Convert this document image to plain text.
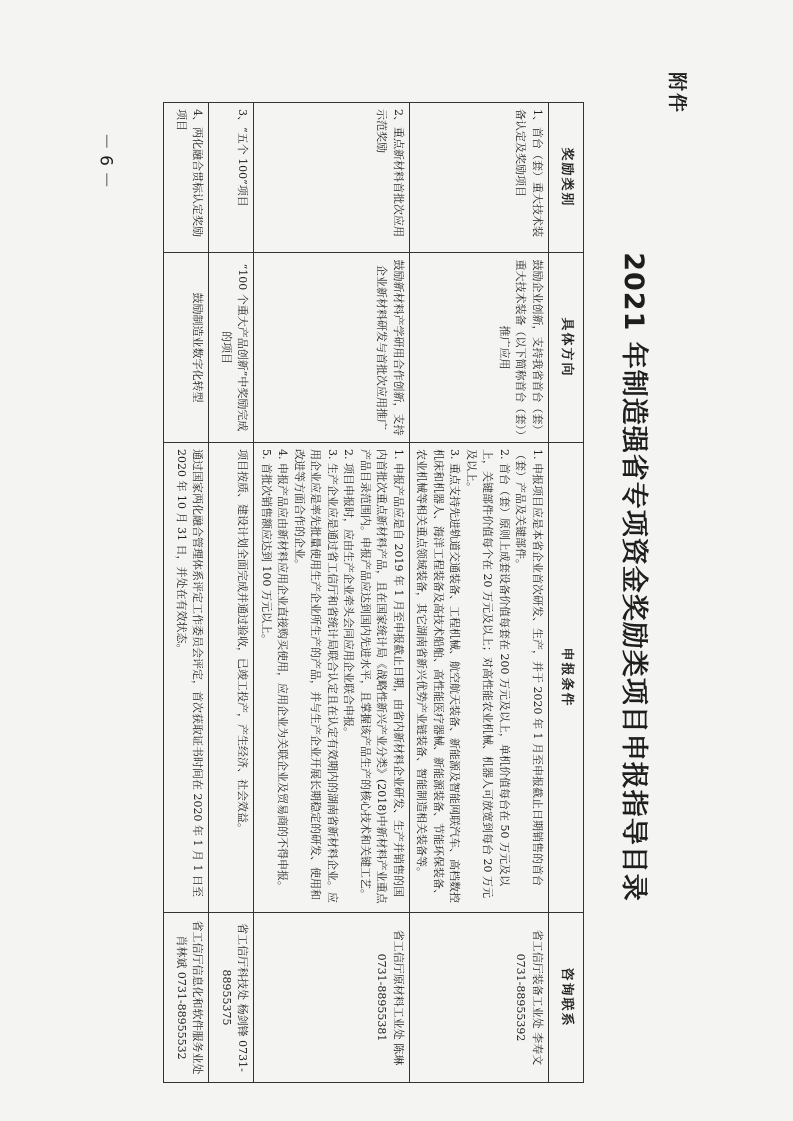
－ 6 －
附件
2021 年制造强省专项资金奖励类项目申报指导目录
奖励类别	具体方向	申报条件	咨询联系
1、首台（套）重大技术装备认定及奖励项目	鼓励企业创新，支持我省首台（套）重大技术装备（以下简称首台（套））推广应用	1. 申报项目应是本省企业首次研发、生产，并于 2020 年 1 月至申报截止日期销售的首台（套）产品及关键部件。

2. 首台（套）原则上成套设备价值每套在 200 万元及以上，单机价值每台在 50 万元及以上，关键部件价值每个在 20 万元及以上；对高性能农业机械、机器人可放宽到每台 20 万元及以上。

3. 重点支持先进轨道交通装备、工程机械、航空航天装备、新能源及智能网联汽车、高档数控机床和机器人、海洋工程装备及高技术船舶、高性能医疗器械、新能源装备、节能环保装备、农业机械等相关重点领域装备，其它湖南省新兴优势产业链装备、智能制造相关装备等。	省工信厅装备工业处 李寿文 0731-88955392
2、重点新材料首批次应用示范奖励	鼓励新材料产学研用合作创新，支持企业新材料研发与首批次应用推广	1. 申报产品应是自 2019 年 1 月至申报截止日期，由省内新材料企业研发、生产并销售的国内首批次重点新材料产品，且在国家统计局《战略性新兴产业分类》(2018)中新材料产业重点产品目录范围内。申报产品应达到国内先进水平，且掌握该产品生产的核心技术和关键工艺。

2. 项目申报时，应由生产企业牵头会同应用企业联合申报。

3. 生产企业应是通过省工信厅和省统计局联合认定且在认定有效期内的湖南省新材料企业。应用企业应是率先批量使用生产企业所生产的产品，并与生产企业开展长期稳定的研发、使用和改进等方面合作的企业。

4. 申报产品应由新材料应用企业直接购买使用，应用企业为关联企业及贸易商的不得申报。

5. 首批次销售额应达到 100 万元以上。	省工信厅原材料工业处 陈琳 0731-88955381
3、“五个 100”项目	“100 个重大产品创新”中奖励完成的项目	项目按质、建设计划全面完成并通过验收，已竣工投产，产生经济、社会效益。	省工信厅科技处 杨剑锋 0731-88955375
4、两化融合贯标认定奖励项目	鼓励制造业数字化转型	通过国家两化融合管理体系评定工作委员会评定，首次获取证书时间在 2020 年 1 月 1 日至 2020 年 10 月 31 日，并处在有效状态。	省工信厅信息化和软件服务业处 肖林斌 0731-88955532
